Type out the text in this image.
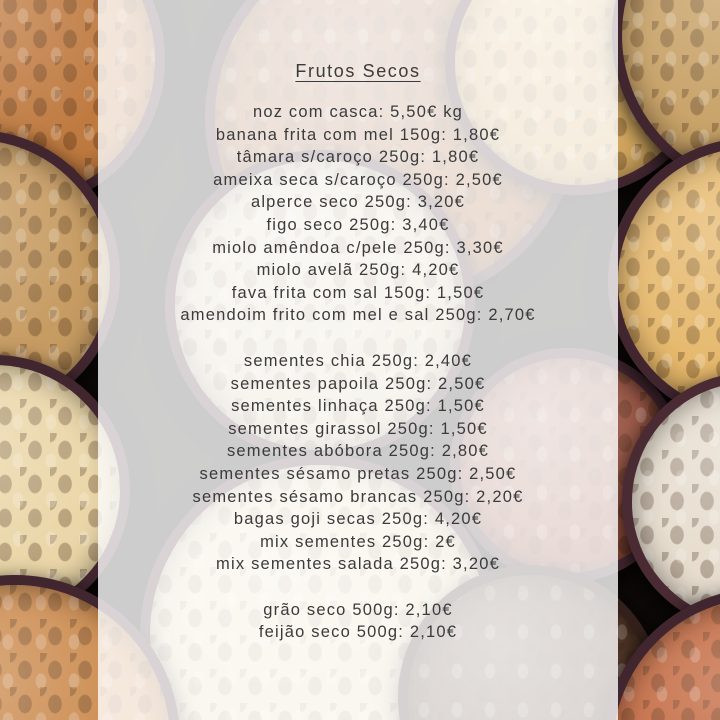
Frutos Secos
noz com casca: 5,50€ kg
banana frita com mel 150g: 1,80€
tâmara s/caroço 250g: 1,80€
ameixa seca s/caroço 250g: 2,50€
alperce seco 250g: 3,20€
figo seco 250g: 3,40€
miolo amêndoa c/pele 250g: 3,30€
miolo avelã 250g: 4,20€
fava frita com sal 150g: 1,50€
amendoim frito com mel e sal 250g: 2,70€
sementes chia 250g: 2,40€
sementes papoila 250g: 2,50€
sementes linhaça 250g: 1,50€
sementes girassol 250g: 1,50€
sementes abóbora 250g: 2,80€
sementes sésamo pretas 250g: 2,50€
sementes sésamo brancas 250g: 2,20€
bagas goji secas 250g: 4,20€
mix sementes 250g: 2€
mix sementes salada 250g: 3,20€
grão seco 500g: 2,10€
feijão seco 500g: 2,10€
